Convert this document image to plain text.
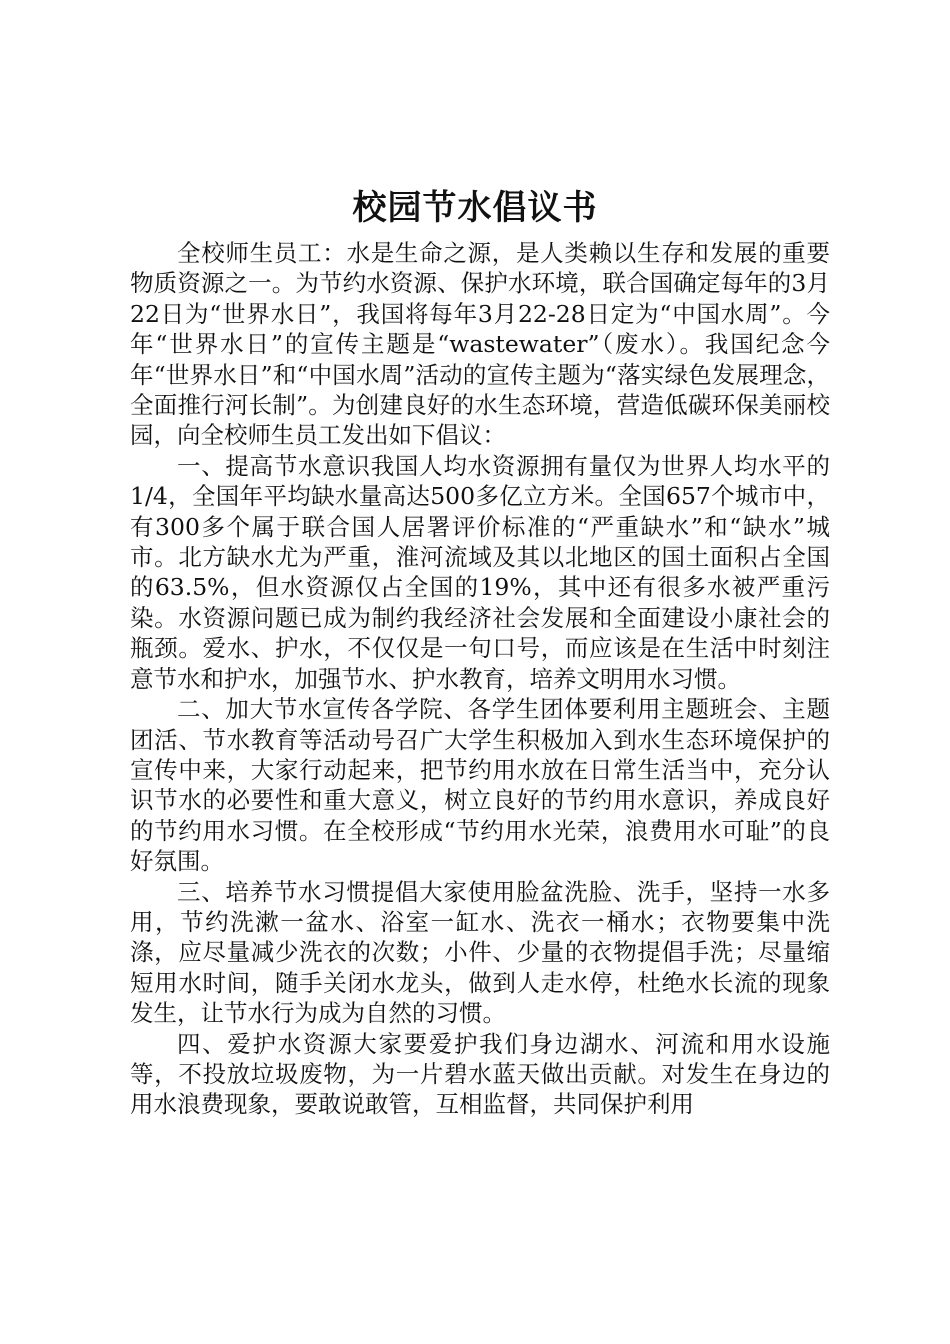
校园节水倡议书

全校师生员工：水是生命之源，是人类赖以生存和发展的重要物质资源之一。为节约水资源、保护水环境，联合国确定每年的3月22日为“世界水日”，我国将每年3月22-28日定为“中国水周”。今年“世界水日”的宣传主题是“wastewater”（废水）。我国纪念今年“世界水日”和“中国水周”活动的宣传主题为“落实绿色发展理念，全面推行河长制”。为创建良好的水生态环境，营造低碳环保美丽校园，向全校师生员工发出如下倡议：

一、提高节水意识我国人均水资源拥有量仅为世界人均水平的1/4，全国年平均缺水量高达500多亿立方米。全国657个城市中，有300多个属于联合国人居署评价标准的“严重缺水”和“缺水”城市。北方缺水尤为严重，淮河流域及其以北地区的国土面积占全国的63.5%，但水资源仅占全国的19%，其中还有很多水被严重污染。水资源问题已成为制约我经济社会发展和全面建设小康社会的瓶颈。爱水、护水，不仅仅是一句口号，而应该是在生活中时刻注意节水和护水，加强节水、护水教育，培养文明用水习惯。

二、加大节水宣传各学院、各学生团体要利用主题班会、主题团活、节水教育等活动号召广大学生积极加入到水生态环境保护的宣传中来，大家行动起来，把节约用水放在日常生活当中，充分认识节水的必要性和重大意义，树立良好的节约用水意识，养成良好的节约用水习惯。在全校形成“节约用水光荣，浪费用水可耻”的良好氛围。

三、培养节水习惯提倡大家使用脸盆洗脸、洗手，坚持一水多用，节约洗漱一盆水、浴室一缸水、洗衣一桶水；衣物要集中洗涤，应尽量减少洗衣的次数；小件、少量的衣物提倡手洗；尽量缩短用水时间，随手关闭水龙头，做到人走水停，杜绝水长流的现象发生，让节水行为成为自然的习惯。

四、爱护水资源大家要爱护我们身边湖水、河流和用水设施等，不投放垃圾废物，为一片碧水蓝天做出贡献。对发生在身边的用水浪费现象，要敢说敢管，互相监督，共同保护利用
